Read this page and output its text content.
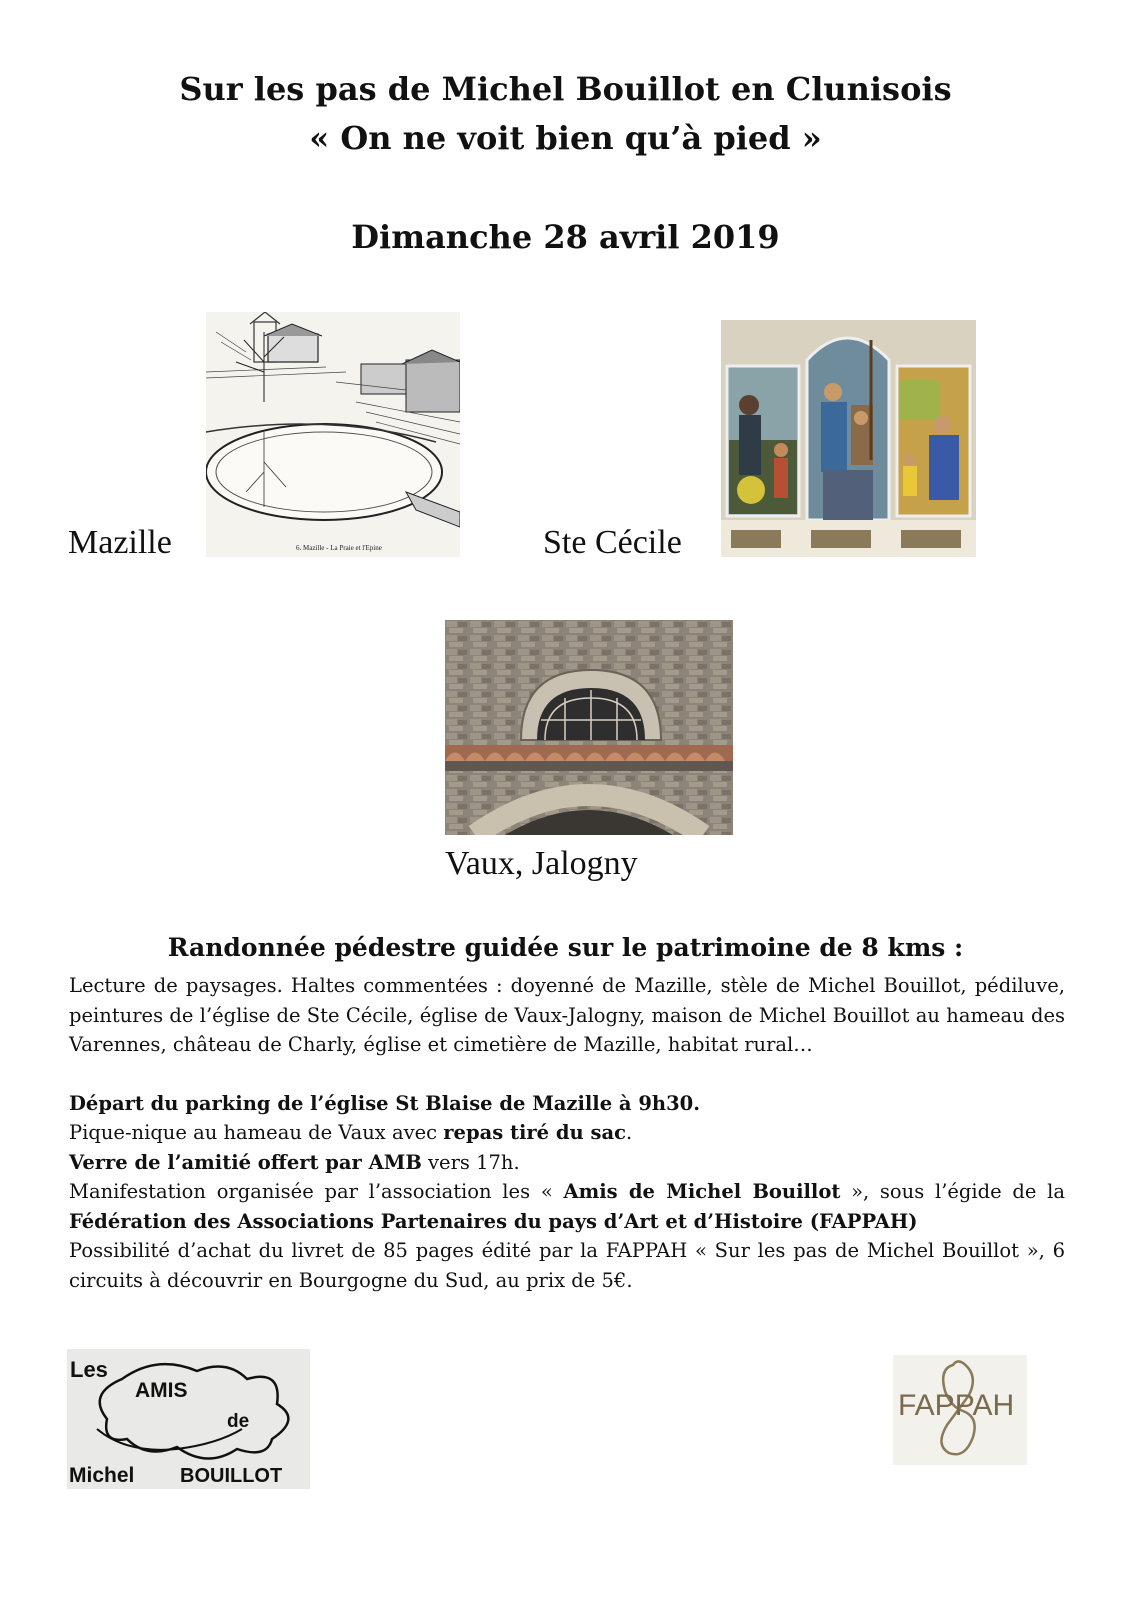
Sur les pas de Michel Bouillot en Clunisois
« On ne voit bien qu’à pied »
Dimanche 28 avril 2019
Mazille	6. Mazille - La Praie et l'Epine	Ste Cécile
Vaux, Jalogny
Randonnée pédestre guidée sur le patrimoine de 8 kms :

Lecture de paysages. Haltes commentées : doyenné de Mazille, stèle de Michel Bouillot, pédiluve, peintures de l’église de Ste Cécile, église de Vaux-Jalogny, maison de Michel Bouillot au hameau des Varennes, château de Charly, église et cimetière de Mazille, habitat rural…

Départ du parking de l’église St Blaise de Mazille à 9h30.

Pique-nique au hameau de Vaux avec repas tiré du sac.

Verre de l’amitié offert par AMB vers 17h.

Manifestation organisée par l’association les « Amis de Michel Bouillot », sous l’égide de la Fédération des Associations Partenaires du pays d’Art et d’Histoire (FAPPAH)

Possibilité d’achat du livret de 85 pages édité par la FAPPAH « Sur les pas de Michel Bouillot », 6 circuits à découvrir en Bourgogne du Sud, au prix de 5€.

Les
AMIS
de
Michel BOUILLOT
FAPPAH
